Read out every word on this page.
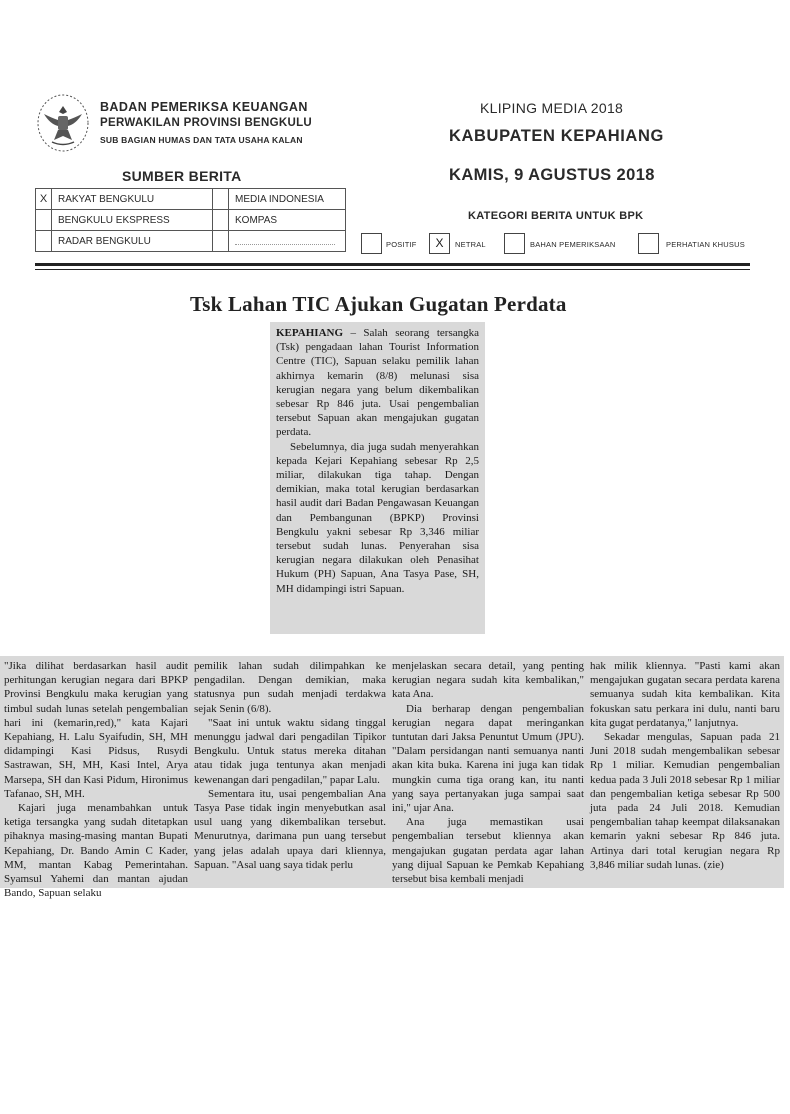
BADAN PEMERIKSA KEUANGAN
PERWAKILAN PROVINSI BENGKULU
SUB BAGIAN HUMAS DAN TATA USAHA KALAN
KLIPING MEDIA 2018
KABUPATEN KEPAHIANG
KAMIS, 9 AGUSTUS 2018
SUMBER BERITA
X	RAKYAT BENGKULU		MEDIA INDONESIA
	BENGKULU EKSPRESS		KOMPAS
	RADAR BENGKULU		
KATEGORI BERITA UNTUK BPK
POSITIF	X	NETRAL	BAHAN PEMERIKSAAN	PERHATIAN KHUSUS
Tsk Lahan TIC Ajukan Gugatan Perdata

KEPAHIANG – Salah seorang tersangka (Tsk) pengadaan lahan Tourist Information Centre (TIC), Sapuan selaku pemilik lahan akhirnya kemarin (8/8) melunasi sisa kerugian negara yang belum dikembalikan sebesar Rp 846 juta. Usai pengembalian tersebut Sapuan akan mengajukan gugatan perdata.

Sebelumnya, dia juga sudah menyerahkan kepada Kejari Kepahiang sebesar Rp 2,5 miliar, dilakukan tiga tahap. Dengan demikian, maka total kerugian berdasarkan hasil audit dari Badan Pengawasan Keuangan dan Pembangunan (BPKP) Provinsi Bengkulu yakni sebesar Rp 3,346 miliar tersebut sudah lunas. Penyerahan sisa kerugian negara dilakukan oleh Penasihat Hukum (PH) Sapuan, Ana Tasya Pase, SH, MH didampingi istri Sapuan.

"Jika dilihat berdasarkan hasil audit perhitungan kerugian negara dari BPKP Provinsi Bengkulu maka kerugian yang timbul sudah lunas setelah pengembalian hari ini (kemarin,red)," kata Kajari Kepahiang, H. Lalu Syaifudin, SH, MH didampingi Kasi Pidsus, Rusydi Sastrawan, SH, MH, Kasi Intel, Arya Marsepa, SH dan Kasi Pidum, Hironimus Tafanao, SH, MH.

Kajari juga menambahkan untuk ketiga tersangka yang sudah ditetapkan pihaknya masing-masing mantan Bupati Kepahiang, Dr. Bando Amin C Kader, MM, mantan Kabag Pemerintahan. Syamsul Yahemi dan mantan ajudan Bando, Sapuan selaku

pemilik lahan sudah dilimpahkan ke pengadilan. Dengan demikian, maka statusnya pun sudah menjadi terdakwa sejak Senin (6/8).

"Saat ini untuk waktu sidang tinggal menunggu jadwal dari pengadilan Tipikor Bengkulu. Untuk status mereka ditahan atau tidak juga tentunya akan menjadi kewenangan dari pengadilan," papar Lalu.

Sementara itu, usai pengembalian Ana Tasya Pase tidak ingin menyebutkan asal usul uang yang dikembalikan tersebut. Menurutnya, darimana pun uang tersebut yang jelas adalah upaya dari kliennya, Sapuan. "Asal uang saya tidak perlu

menjelaskan secara detail, yang penting kerugian negara sudah kita kembalikan," kata Ana.

Dia berharap dengan pengembalian kerugian negara dapat meringankan tuntutan dari Jaksa Penuntut Umum (JPU). "Dalam persidangan nanti semuanya nanti akan kita buka. Karena ini juga kan tidak mungkin cuma tiga orang kan, itu nanti yang saya pertanyakan juga sampai saat ini," ujar Ana.

Ana juga memastikan usai pengembalian tersebut kliennya akan mengajukan gugatan perdata agar lahan yang dijual Sapuan ke Pemkab Kepahiang tersebut bisa kembali menjadi

hak milik kliennya. "Pasti kami akan mengajukan gugatan secara perdata karena semuanya sudah kita kembalikan. Kita fokuskan satu perkara ini dulu, nanti baru kita gugat perdatanya," lanjutnya.

Sekadar mengulas, Sapuan pada 21 Juni 2018 sudah mengembalikan sebesar Rp 1 miliar. Kemudian pengembalian kedua pada 3 Juli 2018 sebesar Rp 1 miliar dan pengembalian ketiga sebesar Rp 500 juta pada 24 Juli 2018. Kemudian pengembalian tahap keempat dilaksanakan kemarin yakni sebesar Rp 846 juta. Artinya dari total kerugian negara Rp 3,846 miliar sudah lunas. (zie)
